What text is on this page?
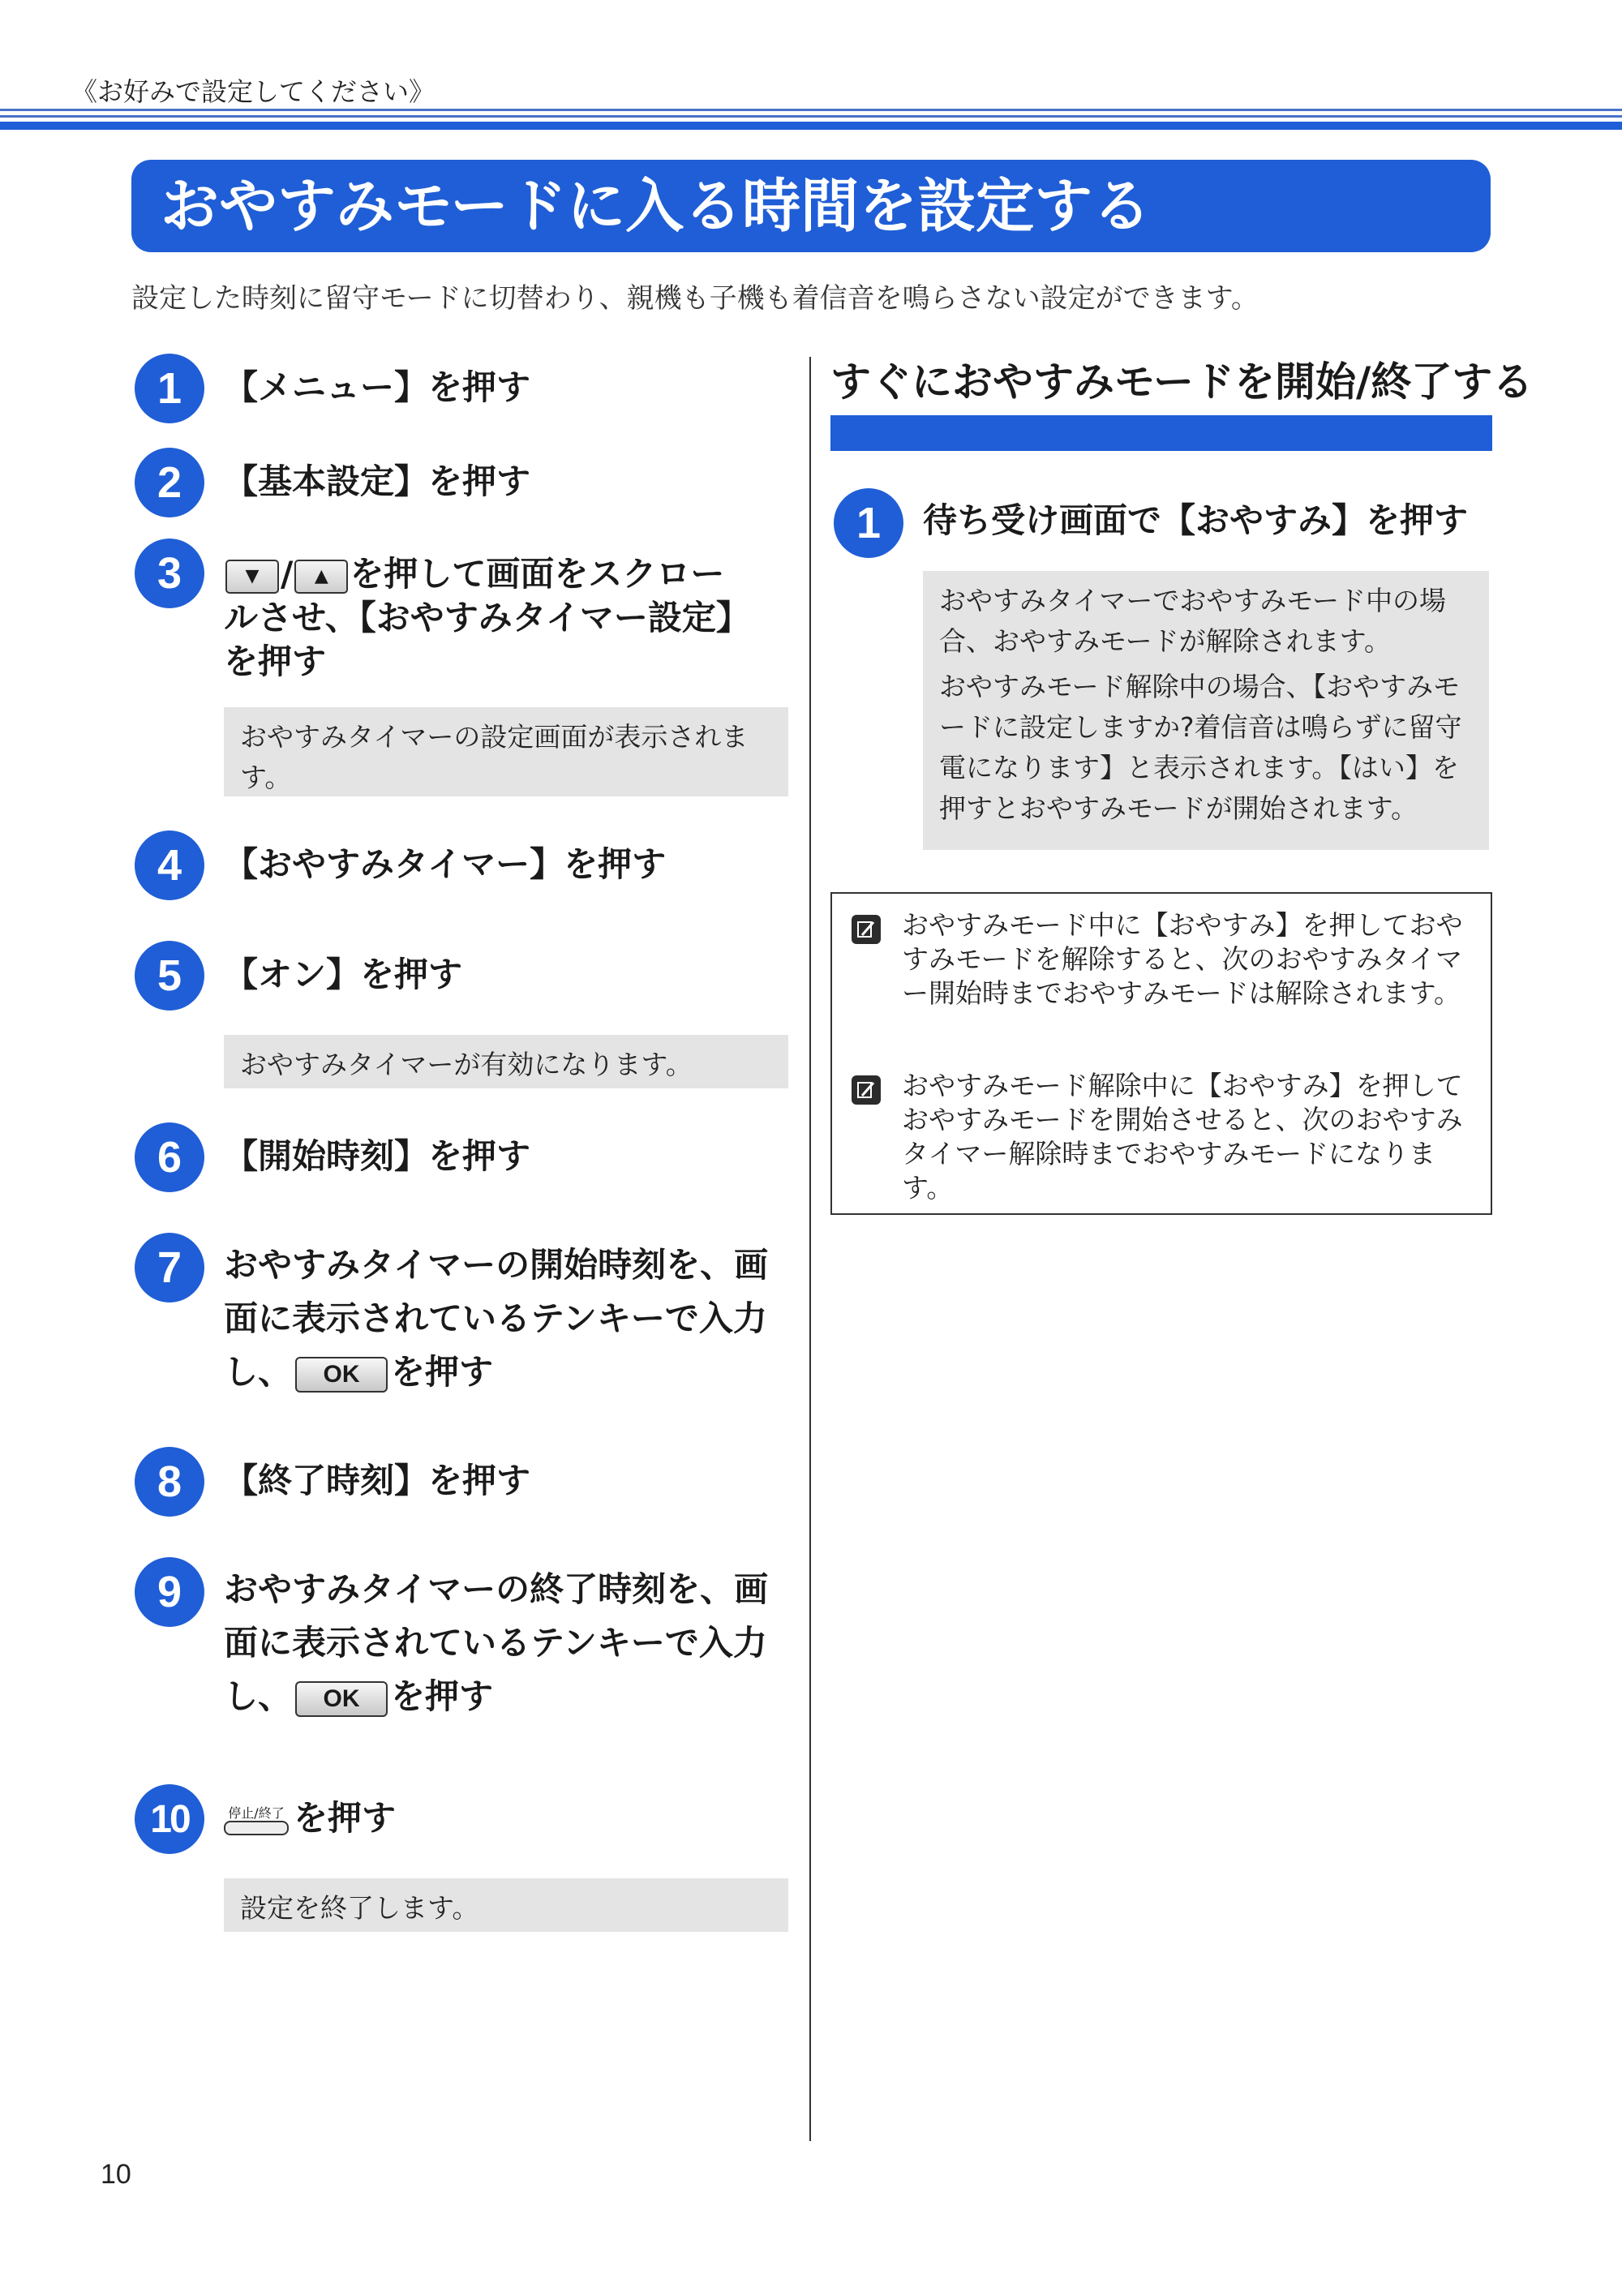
《お好みで設定してください》
おやすみモードに入る時間を設定する
設定した時刻に留守モードに切替わり、親機も子機も着信音を鳴らさない設定ができます。
1	【メニュー】を押す
2	【基本設定】を押す
3	▼ / ▲ を押して画面をスクロー
ルさせ、【おやすみタイマー設定】
を押す
おやすみタイマーの設定画面が表示されます。
4	【おやすみタイマー】を押す
5	【オン】を押す
おやすみタイマーが有効になります。
6	【開始時刻】を押す
7	おやすみタイマーの開始時刻を、画
面に表示されているテンキーで入力
し、 OK を押す
8	【終了時刻】を押す
9	おやすみタイマーの終了時刻を、画
面に表示されているテンキーで入力
し、 OK を押す
10	停止/終了 を押す
設定を終了します。
すぐにおやすみモードを開始/終了する
1	待ち受け画面で【おやすみ】を押す
おやすみタイマーでおやすみモード中の場合、おやすみモードが解除されます。
おやすみモード解除中の場合、【おやすみモードに設定しますか?着信音は鳴らずに留守電になります】と表示されます。【はい】を押すとおやすみモードが開始されます。
おやすみモード中に【おやすみ】を押しておやすみモードを解除すると、次のおやすみタイマー開始時までおやすみモードは解除されます。
おやすみモード解除中に【おやすみ】を押しておやすみモードを開始させると、次のおやすみタイマー解除時までおやすみモードになります。
10
